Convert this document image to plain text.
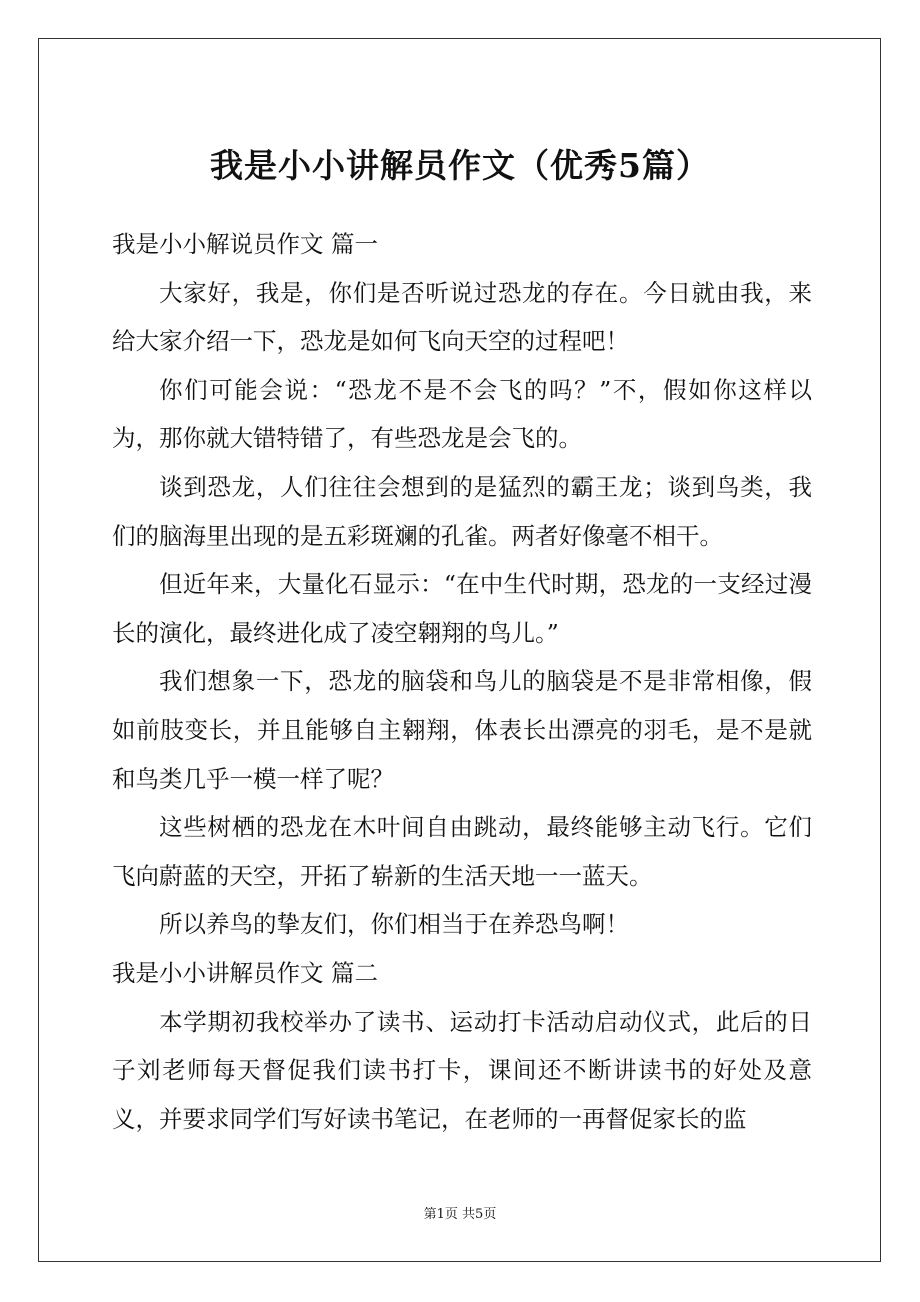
我是小小讲解员作文（优秀5篇）

我是小小解说员作文 篇一

大家好，我是，你们是否听说过恐龙的存在。今日就由我，来给大家介绍一下，恐龙是如何飞向天空的过程吧！

你们可能会说：“恐龙不是不会飞的吗？”不，假如你这样以为，那你就大错特错了，有些恐龙是会飞的。

谈到恐龙，人们往往会想到的是猛烈的霸王龙；谈到鸟类，我们的脑海里出现的是五彩斑斓的孔雀。两者好像毫不相干。

但近年来，大量化石显示：“在中生代时期，恐龙的一支经过漫长的演化，最终进化成了凌空翱翔的鸟儿。”

我们想象一下，恐龙的脑袋和鸟儿的脑袋是不是非常相像，假如前肢变长，并且能够自主翱翔，体表长出漂亮的羽毛，是不是就和鸟类几乎一模一样了呢？

这些树栖的恐龙在木叶间自由跳动，最终能够主动飞行。它们飞向蔚蓝的天空，开拓了崭新的生活天地一一蓝天。

所以养鸟的挚友们，你们相当于在养恐鸟啊！

我是小小讲解员作文 篇二

本学期初我校举办了读书、运动打卡活动启动仪式，此后的日子刘老师每天督促我们读书打卡，课间还不断讲读书的好处及意义，并要求同学们写好读书笔记，在老师的一再督促家长的监

第1页 共5页
